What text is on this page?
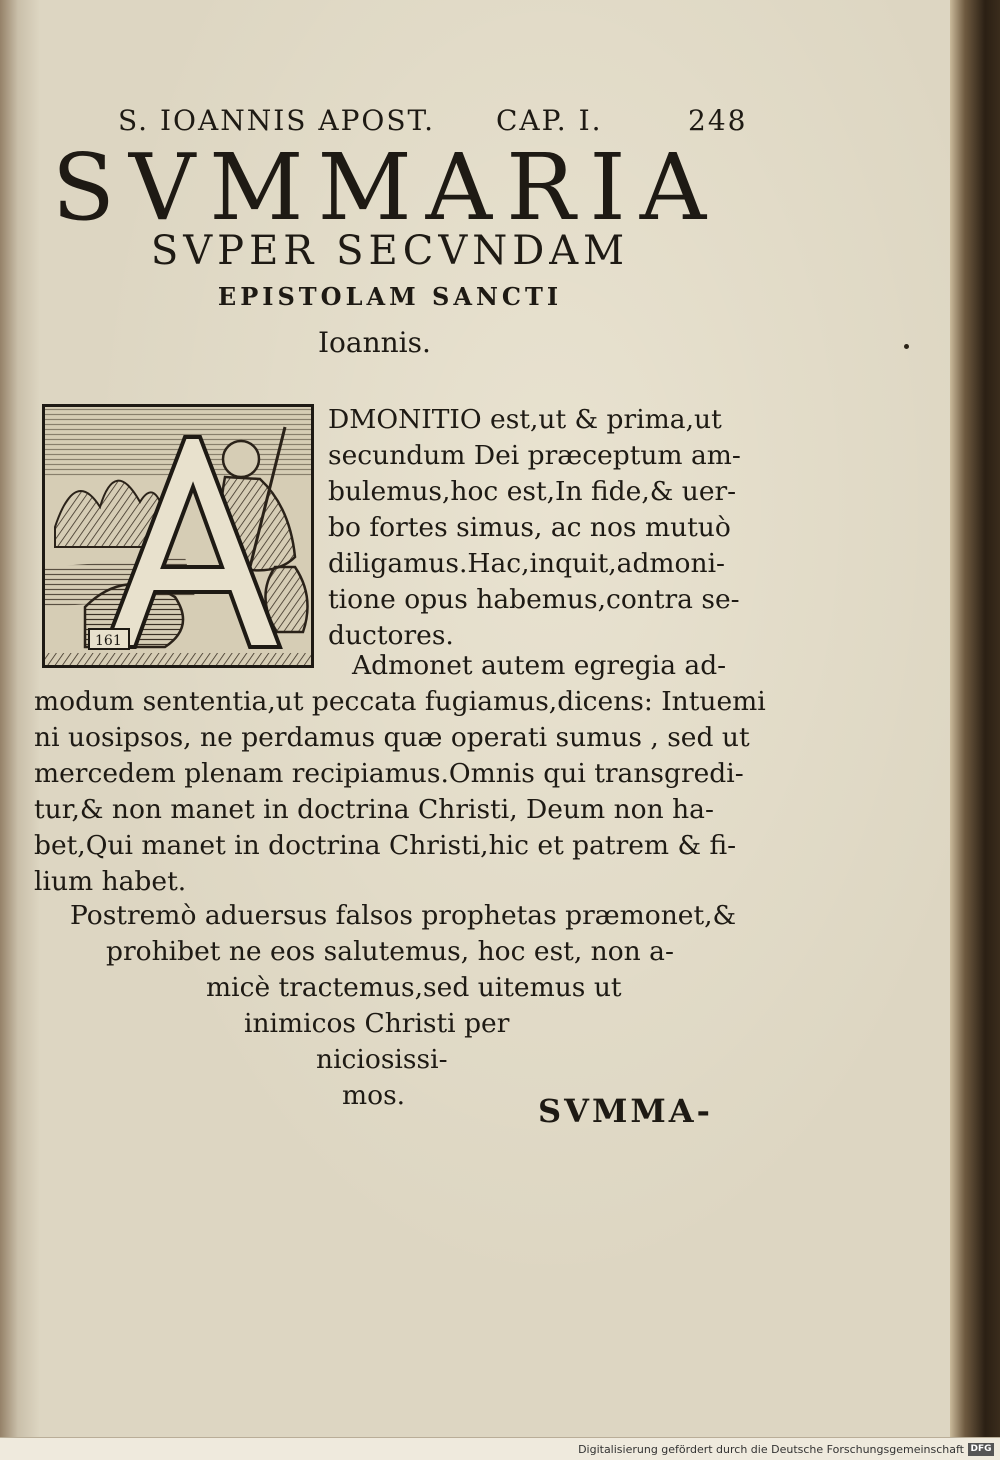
S. IOANNIS APOST. CAP. I.	248
SVMMARIA
SVPER SECVNDAM
EPISTOLAM SANCTI
Ioannis.
161
DMONITIO est,ut & prima,ut
secundum Dei præceptum am-
bulemus,hoc est,In fide,& uer-
bo fortes simus, ac nos mutuò
diligamus.Hac,inquit,admoni-
tione opus habemus,contra se-
ductores.
Admonet autem egregia ad-
modum sententia,ut peccata fugiamus,dicens: Intuemi
ni uosipsos, ne perdamus quæ operati sumus , sed ut
mercedem plenam recipiamus.Omnis qui transgredi-
tur,& non manet in doctrina Christi, Deum non ha-
bet,Qui manet in doctrina Christi,hic et patrem & fi-
lium habet.
Postremò aduersus falsos prophetas præmonet,&
prohibet ne eos salutemus, hoc est, non a-
micè tractemus,sed uitemus ut
inimicos Christi per
niciosissi-
mos.	SVMMA-
Digitalisierung gefördert durch die Deutsche Forschungsgemeinschaft DFG
